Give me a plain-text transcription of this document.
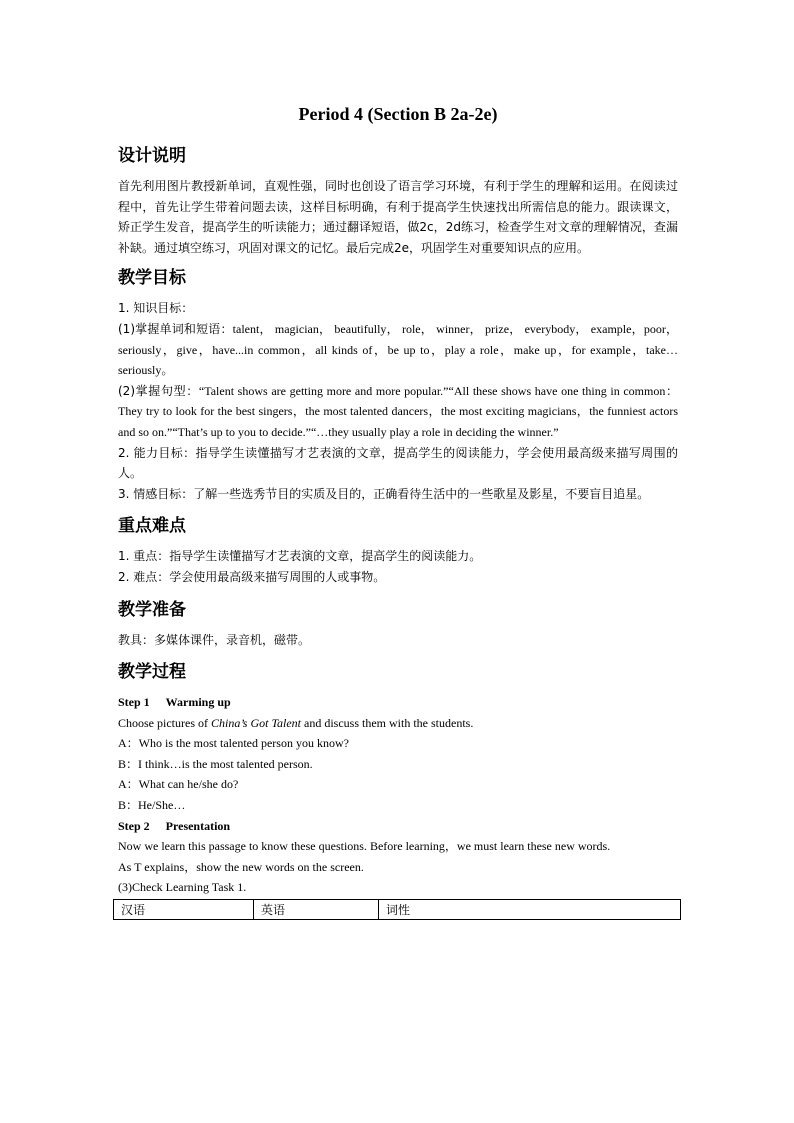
Period 4 (Section B 2a-2e)
设计说明

首先利用图片教授新单词，直观性强，同时也创设了语言学习环境，有利于学生的理解和运用。在阅读过程中，首先让学生带着问题去读，这样目标明确，有利于提高学生快速找出所需信息的能力。跟读课文，矫正学生发音，提高学生的听读能力；通过翻译短语，做2c，2d练习，检查学生对文章的理解情况，查漏补缺。通过填空练习，巩固对课文的记忆。最后完成2e，巩固学生对重要知识点的应用。

教学目标

1. 知识目标：

(1)掌握单词和短语：talent， magician， beautifully， role， winner， prize， everybody， example，poor，seriously，give，have...in common，all kinds of，be up to，play a role，make up，for example，take…seriously。

(2)掌握句型：“Talent shows are getting more and more popular.”“All these shows have one thing in common：They try to look for the best singers，the most talented dancers，the most exciting magicians，the funniest actors and so on.”“That’s up to you to decide.”“…they usually play a role in deciding the winner.”

2. 能力目标：指导学生读懂描写才艺表演的文章，提高学生的阅读能力，学会使用最高级来描写周围的人。

3. 情感目标：了解一些选秀节目的实质及目的，正确看待生活中的一些歌星及影星，不要盲目追星。

重点难点

1. 重点：指导学生读懂描写才艺表演的文章，提高学生的阅读能力。

2. 难点：学会使用最高级来描写周围的人或事物。

教学准备

教具：多媒体课件，录音机，磁带。

教学过程
Step 1 Warming up

Choose pictures of China’s Got Talent and discuss them with the students.

A：Who is the most talented person you know?

B：I think…is the most talented person.

A：What can he/she do?

B：He/She…

Step 2 Presentation

Now we learn this passage to know these questions. Before learning，we must learn these new words.

As T explains，show the new words on the screen.

(3)Check Learning Task 1.

汉语	英语	词性
